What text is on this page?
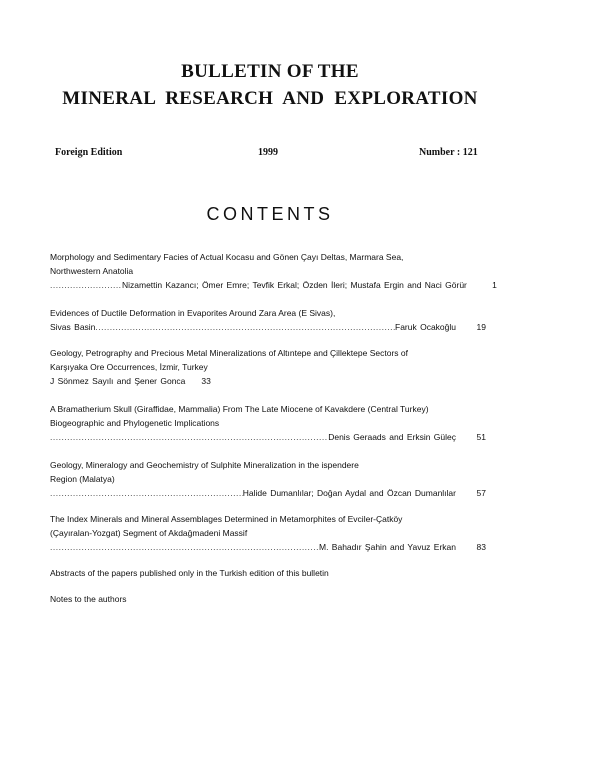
BULLETIN OF THE
MINERAL RESEARCH AND EXPLORATION
Foreign Edition	1999	Number : 121
CONTENTS
Morphology and Sedimentary Facies of Actual Kocasu and Gönen Çayı Deltas, Marmara Sea,
Northwestern Anatolia
.....
Nizamettin Kazancı; Ömer Emre; Tevfik Erkal; Özden İleri; Mustafa Ergin and Naci Görür	1
Evidences of Ductile Deformation in Evaporites Around Zara Area (E Sivas),
Sivas Basin .....	Faruk Ocakoğlu	19
Geology, Petrography and Precious Metal Mineralizations of Altıntepe and Çillektepe Sectors of
Karşıyaka Ore Occurrences, İzmir, Turkey
J Sönmez Sayılı and Şener Gonca 33
A Bramatherium Skull (Giraffidae, Mammalia) From The Late Miocene of Kavakdere (Central Turkey)
Biogeographic and Phylogenetic Implications
.....
Denis Geraads and Erksin Güleç	51
Geology, Mineralogy and Geochemistry of Sulphite Mineralization in the ispendere
Region (Malatya)
.....
Halide Dumanlılar; Doğan Aydal and Özcan Dumanlılar	57
The Index Minerals and Mineral Assemblages Determined in Metamorphites of Evciler-Çatköy
(Çayıralan-Yozgat) Segment of Akdağmadeni Massif
.....
M. Bahadır Şahin and Yavuz Erkan	83
Abstracts of the papers published only in the Turkish edition of this bulletin
Notes to the authors
